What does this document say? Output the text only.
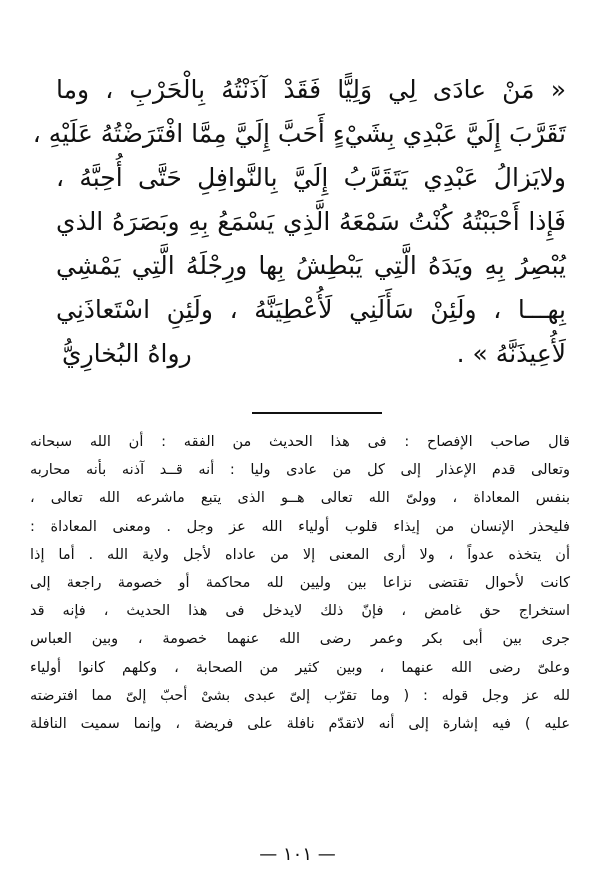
« مَنْ عادَى لِي وَلِيًّا فَقَدْ آذَنْتُهُ بِالْحَرْبِ ، وما
تَقَرَّبَ إِلَيَّ عَبْدِي بِشَيْءٍ أَحَبَّ إِلَيَّ مِمَّا افْتَرَضْتُهُ عَلَيْهِ ،
ولايَزالُ عَبْدِي يَتَقَرَّبُ إِلَيَّ بِالنَّوافِلِ حَتَّى أُحِبَّهُ ،
فَإِذا أَحْبَبْتُهُ كُنْتُ سَمْعَهُ الَّذِي يَسْمَعُ بِهِ وبَصَرَهُ الذي
يُبْصِرُ بِهِ ويَدَهُ الَّتِي يَبْطِشُ بِها ورِجْلَهُ الَّتِي يَمْشِي
بِهـــا ، ولَئِنْ سَأَلَنِي لَأُعْطِيَنَّهُ ، ولَئِنِ اسْتَعاذَنِي
لَأُعِيذَنَّهُ » .
رواهُ البُخارِيُّ
قال صاحب الإفصاح : فى هذا الحديث من الفقه : أن الله سبحانه
وتعالى قدم الإعذار إلى كل من عادى وليا : أنه قــد آذنه بأنه محاربه
بنفس المعاداة ، وولىّ الله تعالى هــو الذى يتبع ماشرعه الله تعالى ،
فليحذر الإنسان من إيذاء قلوب أولياء الله عز وجل . ومعنى المعاداة :
أن يتخذه عدواً ، ولا أرى المعنى إلا من عاداه لأجل ولاية الله . أما إذا
كانت لأحوال تقتضى نزاعا بين وليين لله محاكمة أو خصومة راجعة إلى
استخراج حق غامض ، فإنّ ذلك لايدخل فى هذا الحديث ، فإنه قد
جرى بين أبى بكر وعمر رضى الله عنهما خصومة ، وبين العباس
وعلىّ رضى الله عنهما ، وبين كثير من الصحابة ، وكلهم كانوا أولياء
لله عز وجل قوله : ( وما تقرّب إلىّ عبدى بشىْ أحبّ إلىّ مما افترضته
عليه ) فيه إشارة إلى أنه لاتقدّم نافلة على فريضة ، وإنما سميت النافلة
— ١٠١ —
